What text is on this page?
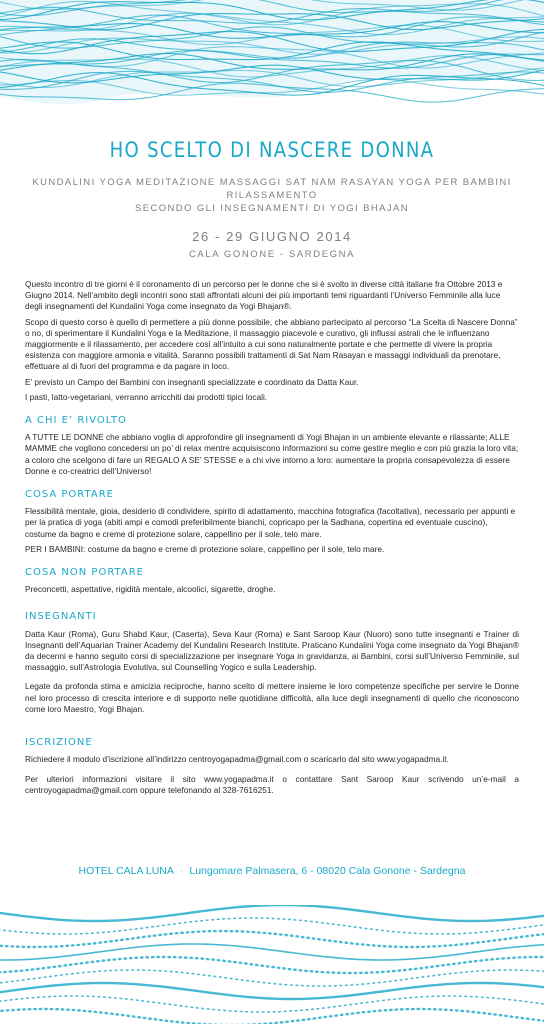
HO SCELTO DI NASCERE DONNA
KUNDALINI YOGA MEDITAZIONE MASSAGGI SAT NAM RASAYAN YOGA PER BAMBINI RILASSAMENTO
SECONDO GLI INSEGNAMENTI DI YOGI BHAJAN
26 - 29 GIUGNO 2014
CALA GONONE - SARDEGNA

Questo incontro di tre giorni è il coronamento di un percorso per le donne che si è svolto in diverse città italiane fra Ottobre 2013 e Giugno 2014. Nell’ambito degli incontri sono stati affrontati alcuni dei più importanti temi riguardanti l’Universo Femminile alla luce degli insegnamenti del Kundalini Yoga come insegnato da Yogi Bhajan®.

Scopo di questo corso è quello di permettere a più donne possibile, che abbiano partecipato al percorso “La Scelta di Nascere Donna” o no, di sperimentare il Kundalini Yoga e la Meditazione, il massaggio piacevole e curativo, gli influssi astrali che le influenzano maggiormente e il rilassamento, per accedere così all’intuito a cui sono naturalmente portate e che permette di vivere la propria esistenza con maggiore armonia e vitalità. Saranno possibili trattamenti di Sat Nam Rasayan e massaggi individuali da prenotare, effettuare al di fuori del programma e da pagare in loco.

E’ previsto un Campo dei Bambini con insegnanti specializzate e coordinato da Datta Kaur.

I pasti, latto-vegetariani, verranno arricchiti dai prodotti tipici locali.

A CHI E’ RIVOLTO

A TUTTE LE DONNE che abbiano voglia di approfondire gli insegnamenti di Yogi Bhajan in un ambiente elevante e rilassante; ALLE MAMME che vogliono concedersi un po’ di relax mentre acquisiscono informazioni su come gestire meglio e con più grazia la loro vita; a coloro che scelgono di fare un REGALO A SE’ STESSE e a chi vive intorno a loro: aumentare la propria consapevolezza di essere Donne e co-creatrici dell’Universo!

COSA PORTARE

Flessibilità mentale, gioia, desiderio di condividere, spirito di adattamento, macchina fotografica (facoltativa), necessario per appunti e per la pratica di yoga (abiti ampi e comodi preferibilmente bianchi, copricapo per la Sadhana, copertina ed eventuale cuscino), costume da bagno e creme di protezione solare, cappellino per il sole, telo mare.

PER I BAMBINI: costume da bagno e creme di protezione solare, cappellino per il sole, telo mare.

COSA NON PORTARE

Preconcetti, aspettative, rigidità mentale, alcoolici, sigarette, droghe.

INSEGNANTI

Datta Kaur (Roma), Guru Shabd Kaur, (Caserta), Seva Kaur (Roma) e Sant Saroop Kaur (Nuoro) sono tutte insegnanti e Trainer di Insegnanti dell’Aquarian Trainer Academy del Kundalini Research Institute. Praticano Kundalini Yoga come insegnato da Yogi Bhajan® da decenni e hanno seguito corsi di specializzazione per insegnare Yoga in gravidanza, ai Bambini, corsi sull’Universo Femminile, sul massaggio, sull’Astrologia Evolutiva, sul Counselling Yogico e sulla Leadership.

Legate da profonda stima e amicizia reciproche, hanno scelto di mettere insieme le loro competenze specifiche per servire le Donne nel loro processo di crescita interiore e di supporto nelle quotidiane difficoltà, alla luce degli insegnamenti di quello che riconoscono come loro Maestro, Yogi Bhajan.

ISCRIZIONE

Richiedere il modulo d’iscrizione all’indirizzo centroyogapadma@gmail.com o scaricarlo dal sito www.yogapadma.it.

Per ulteriori informazioni visitare il sito www.yogapadma.it o contattare Sant Saroop Kaur scrivendo un’e-mail a centroyogapadma@gmail.com oppure telefonando al 328-7616251.

HOTEL CALA LUNA · Lungomare Palmasera, 6 - 08020 Cala Gonone - Sardegna
